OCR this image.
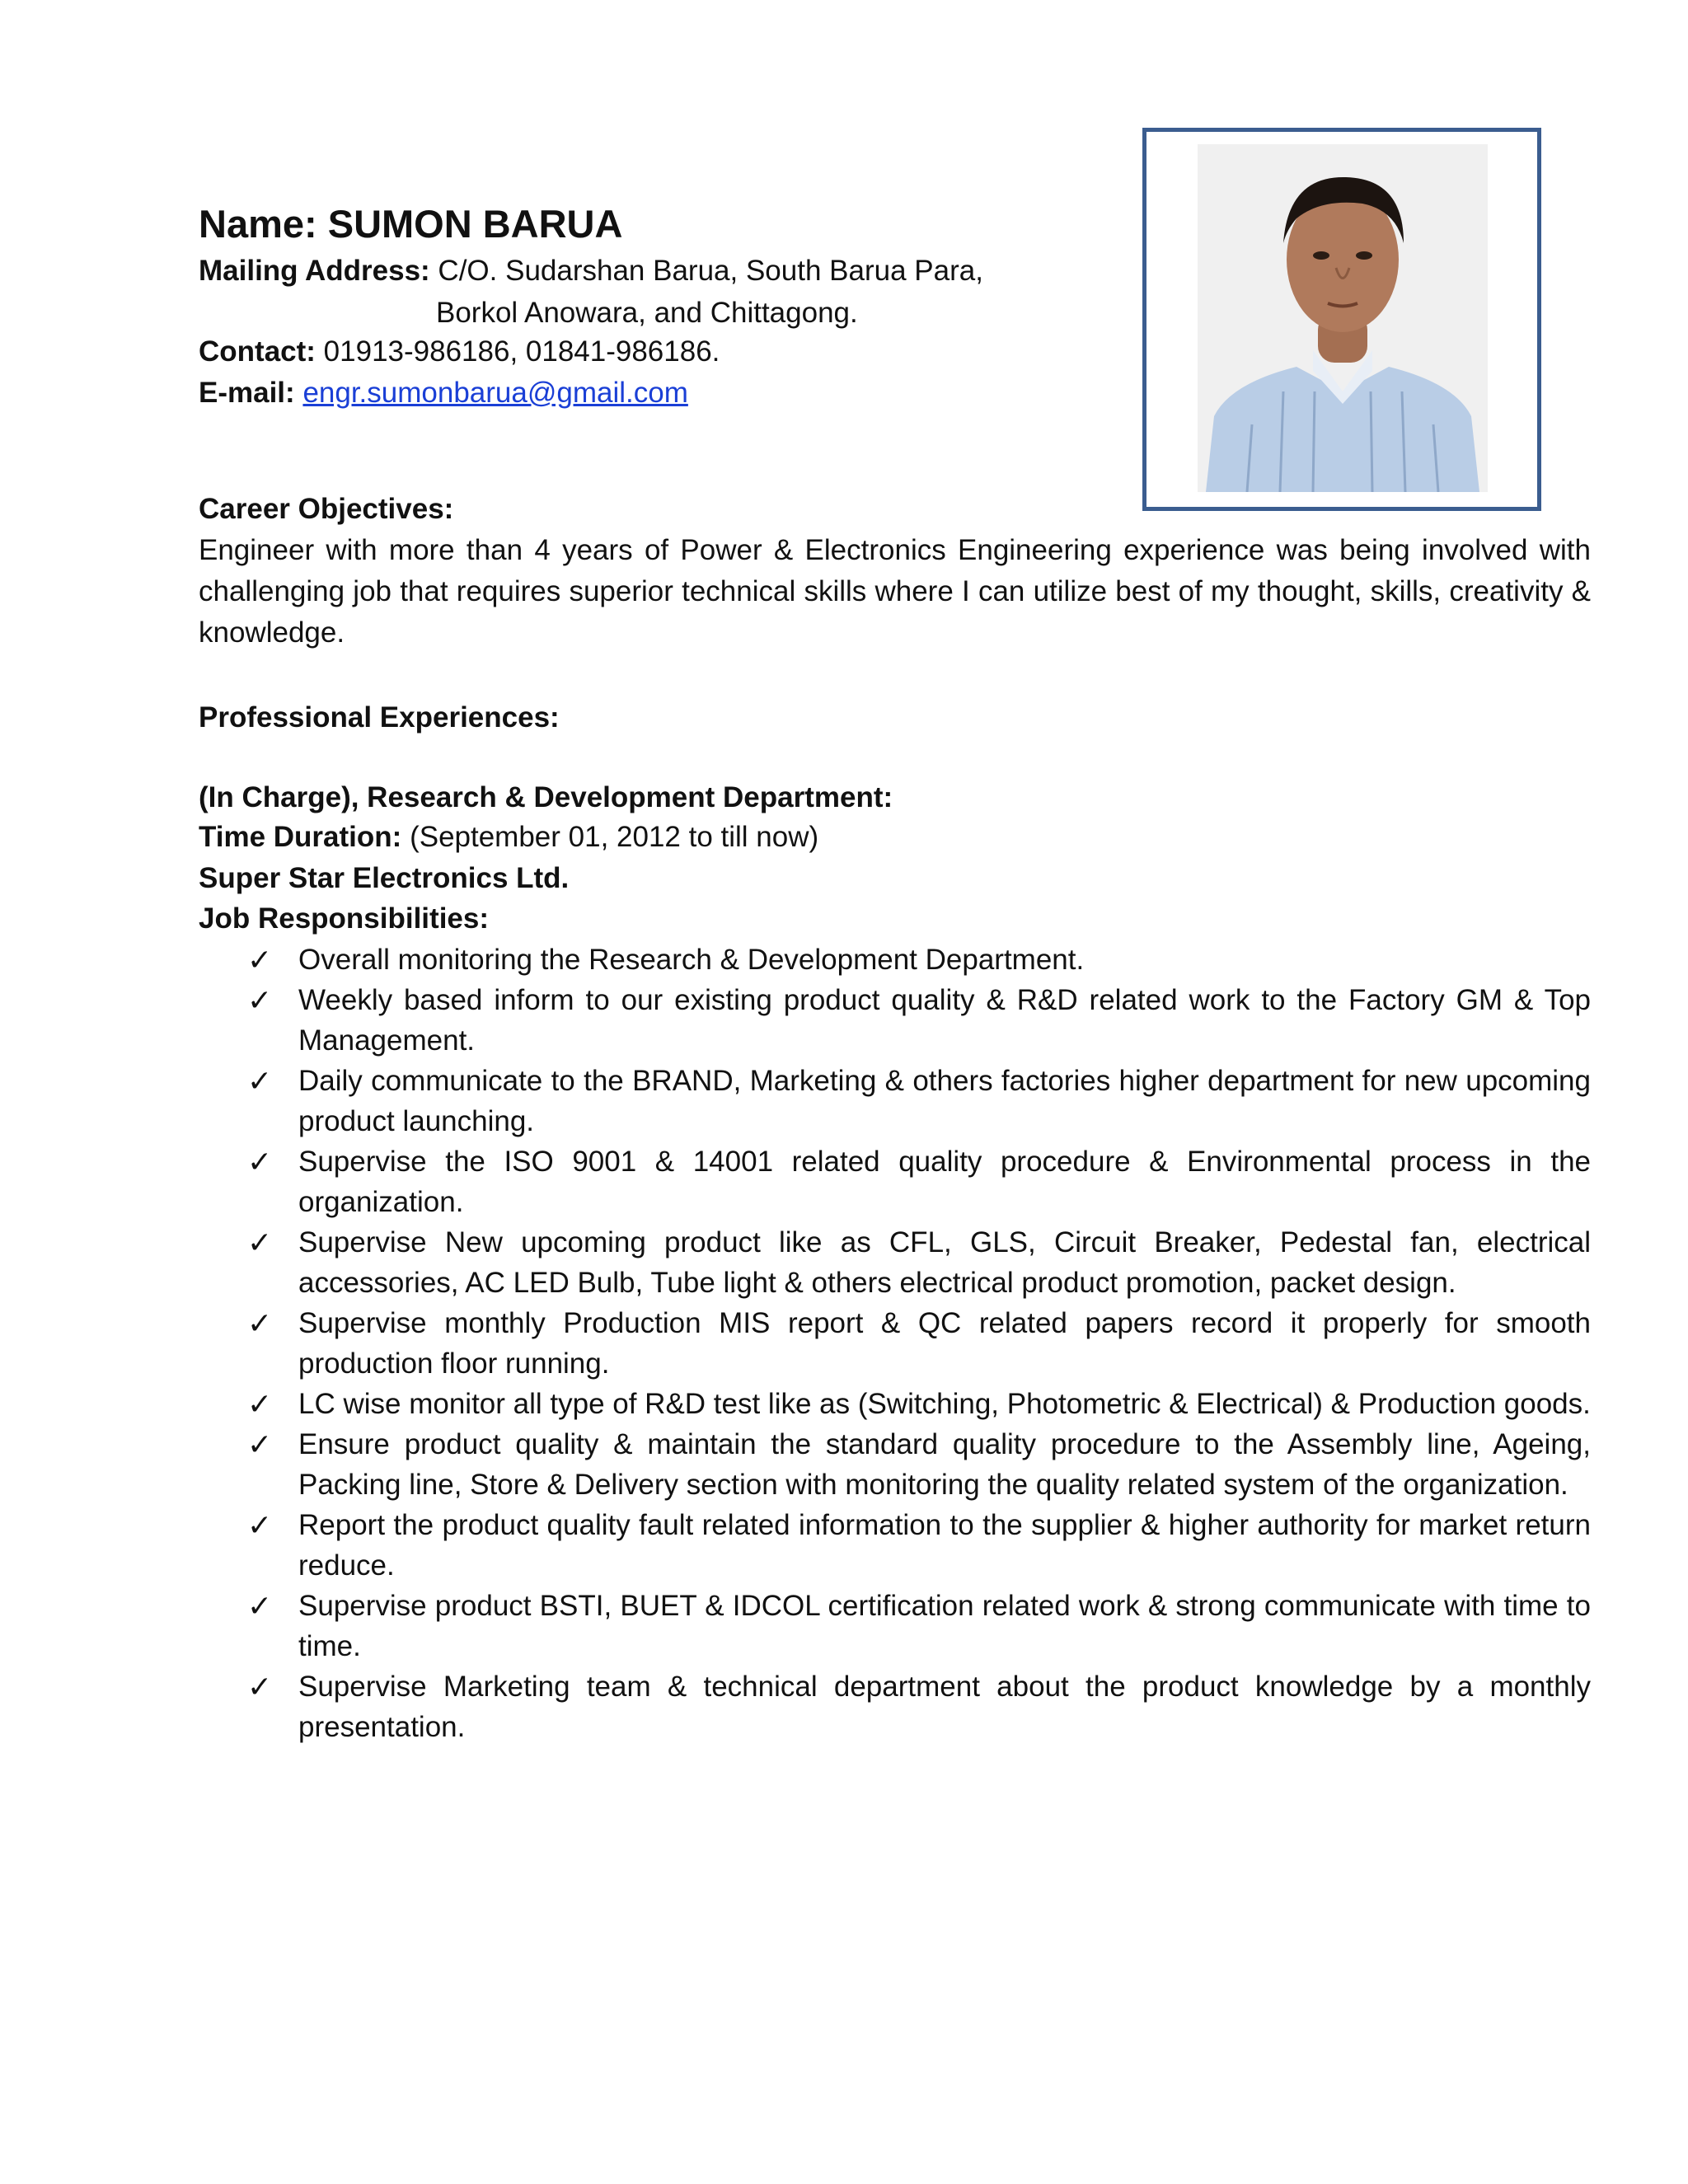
Name: SUMON BARUA
Mailing Address: C/O. Sudarshan Barua, South Barua Para,
Borkol Anowara, and Chittagong.
Contact: 01913-986186, 01841-986186.
E-mail: engr.sumonbarua@gmail.com
Career Objectives:
Engineer with more than 4 years of Power & Electronics Engineering experience was being involved with challenging job that requires superior technical skills where I can utilize best of my thought, skills, creativity & knowledge.
Professional Experiences:
(In Charge), Research & Development Department:
Time Duration: (September 01, 2012 to till now)
Super Star Electronics Ltd.
Job Responsibilities:
✓ Overall monitoring the Research & Development Department.
✓ Weekly based inform to our existing product quality & R&D related work to the Factory GM & Top Management.
✓ Daily communicate to the BRAND, Marketing & others factories higher department for new upcoming product launching.
✓ Supervise the ISO 9001 & 14001 related quality procedure & Environmental process in the organization.
✓ Supervise New upcoming product like as CFL, GLS, Circuit Breaker, Pedestal fan, electrical accessories, AC LED Bulb, Tube light & others electrical product promotion, packet design.
✓ Supervise monthly Production MIS report & QC related papers record it properly for smooth production floor running.
✓ LC wise monitor all type of R&D test like as (Switching, Photometric & Electrical) & Production goods.
✓ Ensure product quality & maintain the standard quality procedure to the Assembly line, Ageing, Packing line, Store & Delivery section with monitoring the quality related system of the organization.
✓ Report the product quality fault related information to the supplier & higher authority for market return reduce.
✓ Supervise product BSTI, BUET & IDCOL certification related work & strong communicate with time to time.
✓ Supervise Marketing team & technical department about the product knowledge by a monthly presentation.
